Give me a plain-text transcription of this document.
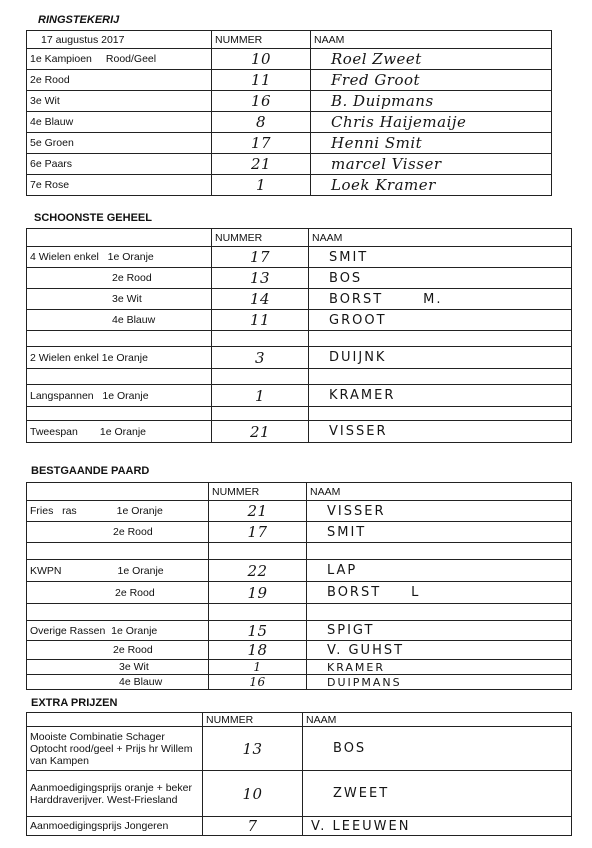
RINGSTEKERIJ
17 augustus 2017	NUMMER	NAAM
1e Kampioen Rood/Geel	10	Roel Zweet
2e Rood	11	Fred Groot
3e Wit	16	B. Duipmans
4e Blauw	8	Chris Haijemaije
5e Groen	17	Henni Smit
6e Paars	21	marcel Visser
7e Rose	1	Loek Kramer
SCHOONSTE GEHEEL
	NUMMER	NAAM
4 Wielen enkel 1e Oranje	17	SMIT
2e Rood	13	BOS
3e Wit	14	BORST M.
4e Blauw	11	GROOT

2 Wielen enkel 1e Oranje	3	DUIJNK

Langspannen 1e Oranje	1	KRAMER

Tweespan 1e Oranje	21	VISSER
BESTGAANDE PAARD
	NUMMER	NAAM
Fries   ras 1e Oranje	21	VISSER
2e Rood	17	SMIT

KWPN 1e Oranje	22	LAP
2e Rood	19	BORST L

Overige Rassen 1e Oranje	15	SPIGT
2e Rood	18	V. GUHST
3e Wit	1	KRAMER
4e Blauw	16	DUIPMANS
EXTRA PRIJZEN
	NUMMER	NAAM
Mooiste Combinatie Schager Optocht rood/geel + Prijs hr Willem van Kampen	13	BOS
Aanmoedigingsprijs oranje + beker Harddraverijver. West-Friesland	10	ZWEET
Aanmoedigingsprijs Jongeren	7	V. LEEUWEN
